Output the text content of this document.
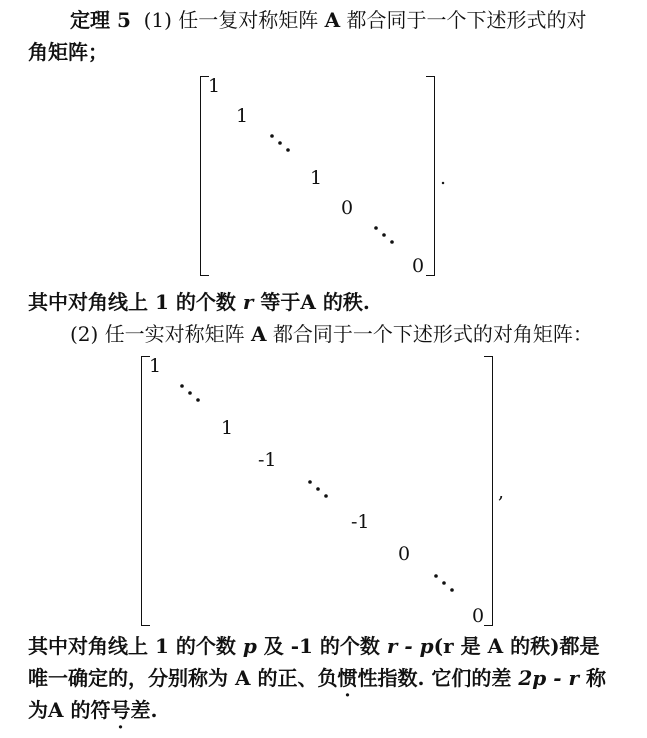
定理 5 (1) 任一复对称矩阵 A 都合同于一个下述形式的对
角矩阵；
1
1
1
0
0
.
其中对角线上 1 的个数 r 等于A 的秩.
(2) 任一实对称矩阵 A 都合同于一个下述形式的对角矩阵：
1
1
-1
-1
0
0
,
其中对角线上 1 的个数 p 及 -1 的个数 r - p(r 是 A 的秩)都是
唯一确定的，分别称为 A 的正、负惯性指数 · . 它们的差 2p - r 称
为A 的符号差.
